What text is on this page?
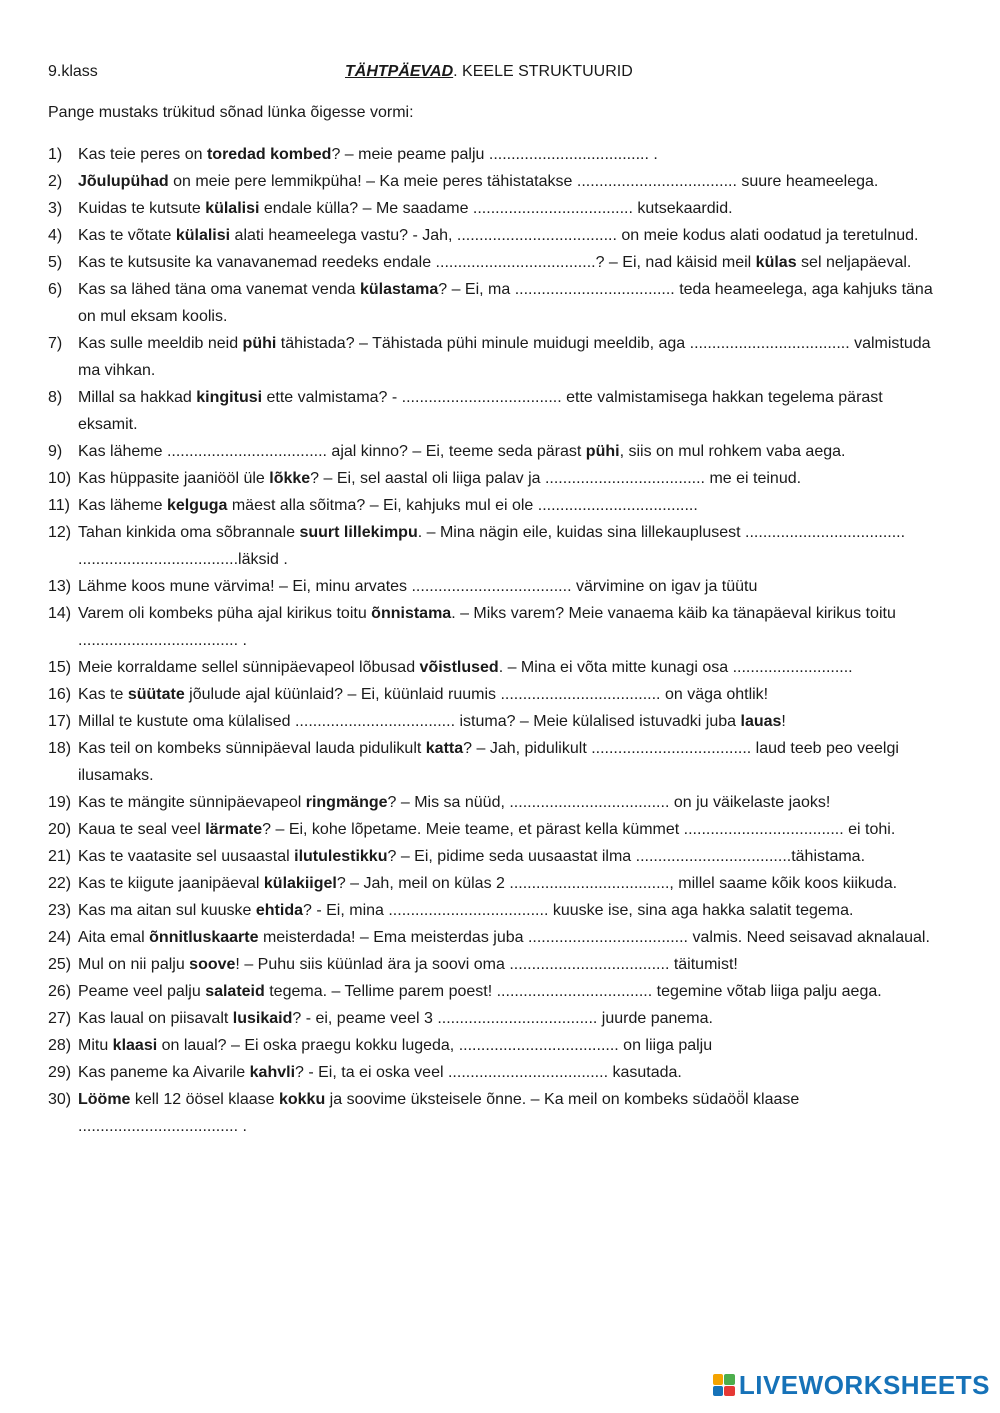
9.klass	TÄHTPÄEVAD. KEELE STRUKTUURID
Pange mustaks trükitud sõnad lünka õigesse vormi:
1) Kas teie peres on toredad kombed? – meie peame palju .................................... .
2) Jõulupühad on meie pere lemmikpüha! – Ka meie peres tähistatakse .................................... suure heameelega.
3) Kuidas te kutsute külalisi endale külla? – Me saadame .................................... kutsekaardid.
4) Kas te võtate külalisi alati heameelega vastu? - Jah, .................................... on meie kodus alati oodatud ja teretulnud.
5) Kas te kutsusite ka vanavanemad reedeks endale ....................................? – Ei, nad käisid meil külas sel neljapäeval.
6) Kas sa lähed täna oma vanemat venda külastama? – Ei, ma .................................... teda heameelega, aga kahjuks täna on mul eksam koolis.
7) Kas sulle meeldib neid pühi tähistada? – Tähistada pühi minule muidugi meeldib, aga .................................... valmistuda ma vihkan.
8) Millal sa hakkad kingitusi ette valmistama? - .................................... ette valmistamisega hakkan tegelema pärast eksamit.
9) Kas läheme .................................... ajal kinno? – Ei, teeme seda pärast pühi, siis on mul rohkem vaba aega.
10) Kas hüppasite jaaniööl üle lõkke? – Ei, sel aastal oli liiga palav ja .................................... me ei teinud.
11) Kas läheme kelguga mäest alla sõitma? – Ei, kahjuks mul ei ole ....................................
12) Tahan kinkida oma sõbrannale suurt lillekimpu. – Mina nägin eile, kuidas sina lillekauplusest .................................... ....................................läksid .
13) Lähme koos mune värvima! – Ei, minu arvates .................................... värvimine on igav ja tüütu
14) Varem oli kombeks püha ajal kirikus toitu õnnistama. – Miks varem? Meie vanaema käib ka tänapäeval kirikus toitu .................................... .
15) Meie korraldame sellel sünnipäevapeol lõbusad võistlused. – Mina ei võta mitte kunagi osa ...........................
16) Kas te süütate jõulude ajal küünlaid? – Ei, küünlaid ruumis .................................... on väga ohtlik!
17) Millal te kustute oma külalised .................................... istuma? – Meie külalised istuvadki juba lauas!
18) Kas teil on kombeks sünnipäeval lauda pidulikult katta? – Jah, pidulikult .................................... laud teeb peo veelgi ilusamaks.
19) Kas te mängite sünnipäevapeol ringmänge? – Mis sa nüüd, .................................... on ju väikelaste jaoks!
20) Kaua te seal veel lärmate? – Ei, kohe lõpetame. Meie teame, et pärast kella kümmet .................................... ei tohi.
21) Kas te vaatasite sel uusaastal ilutulestikku? – Ei, pidime seda uusaastat ilma ...................................tähistama.
22) Kas te kiigute jaanipäeval külakiigel? – Jah, meil on külas 2 ...................................., millel saame kõik koos kiikuda.
23) Kas ma aitan sul kuuske ehtida? - Ei, mina .................................... kuuske ise, sina aga hakka salatit tegema.
24) Aita emal õnnitluskaarte meisterdada! – Ema meisterdas juba .................................... valmis. Need seisavad aknalaual.
25) Mul on nii palju soove! – Puhu siis küünlad ära ja soovi oma .................................... täitumist!
26) Peame veel palju salateid tegema. – Tellime parem poest! ................................... tegemine võtab liiga palju aega.
27) Kas laual on piisavalt lusikaid? - ei, peame veel 3 .................................... juurde panema.
28) Mitu klaasi on laual? – Ei oska praegu kokku lugeda, .................................... on liiga palju
29) Kas paneme ka Aivarile kahvli? - Ei, ta ei oska veel .................................... kasutada.
30) Lööme kell 12 öösel klaase kokku ja soovime üksteisele õnne. – Ka meil on kombeks südaöö̈l klaase .................................... .
LIVEWORKSHEETS
